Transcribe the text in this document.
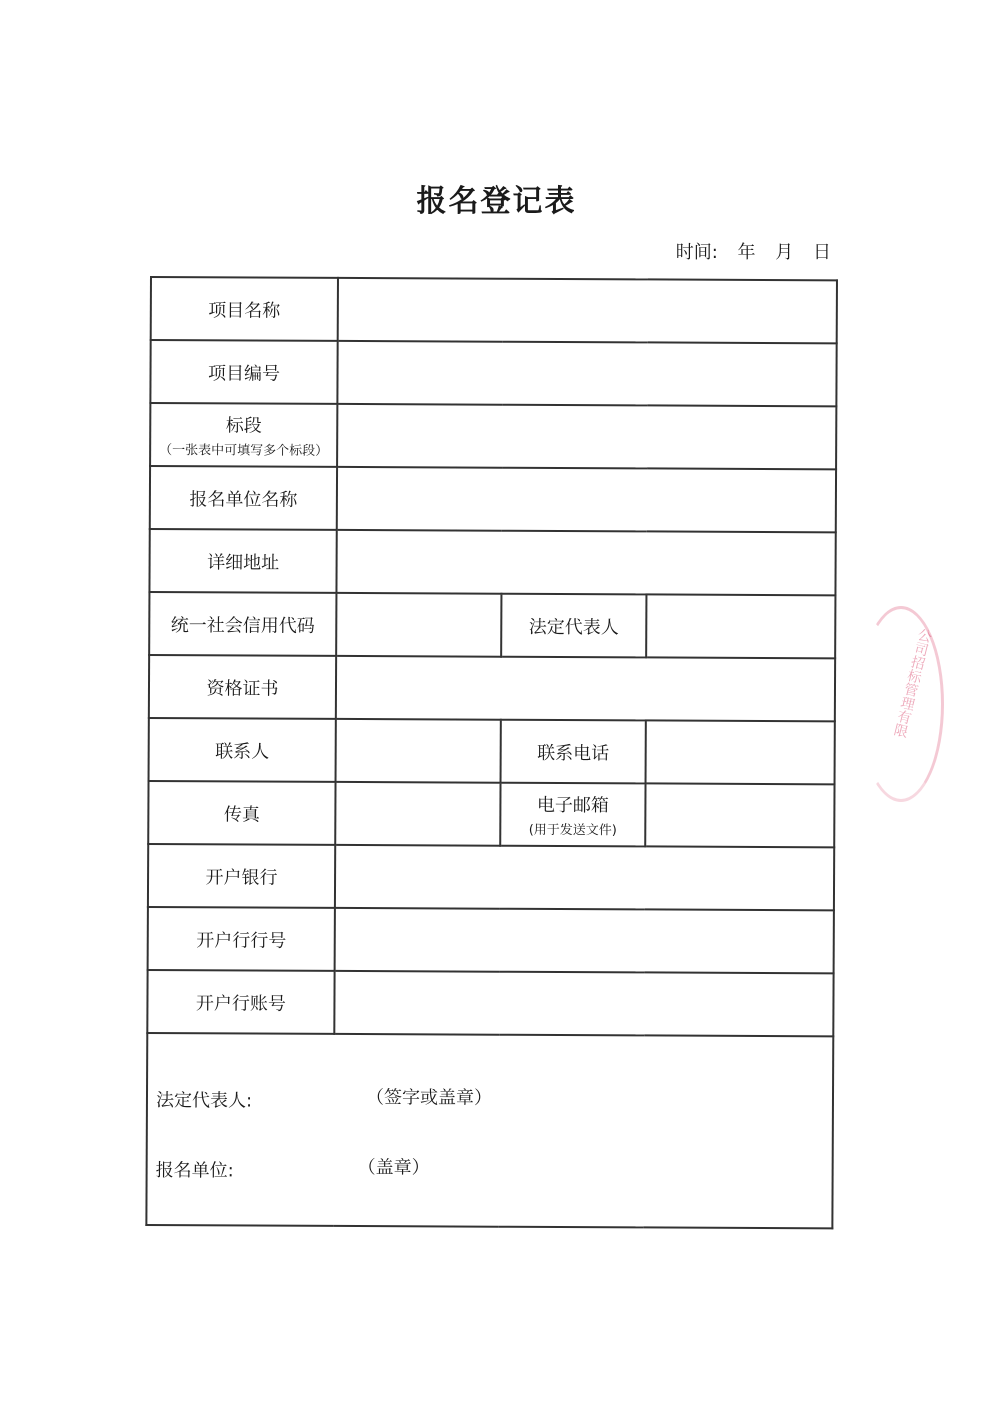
报名登记表
时间: 年 月 日
项目名称			
项目编号			
标段
（一张表中可填写多个标段）			

报名单位名称			
详细地址			
统一社会信用代码		法定代表人	
资格证书			
联系人		联系电话	
传真		电子邮箱
(用于发送文件)	

开户银行			
开户行行号			
开户行账号			

法定代表人: （签字或盖章）
报名单位: （盖章）			
公司招标管理有限
